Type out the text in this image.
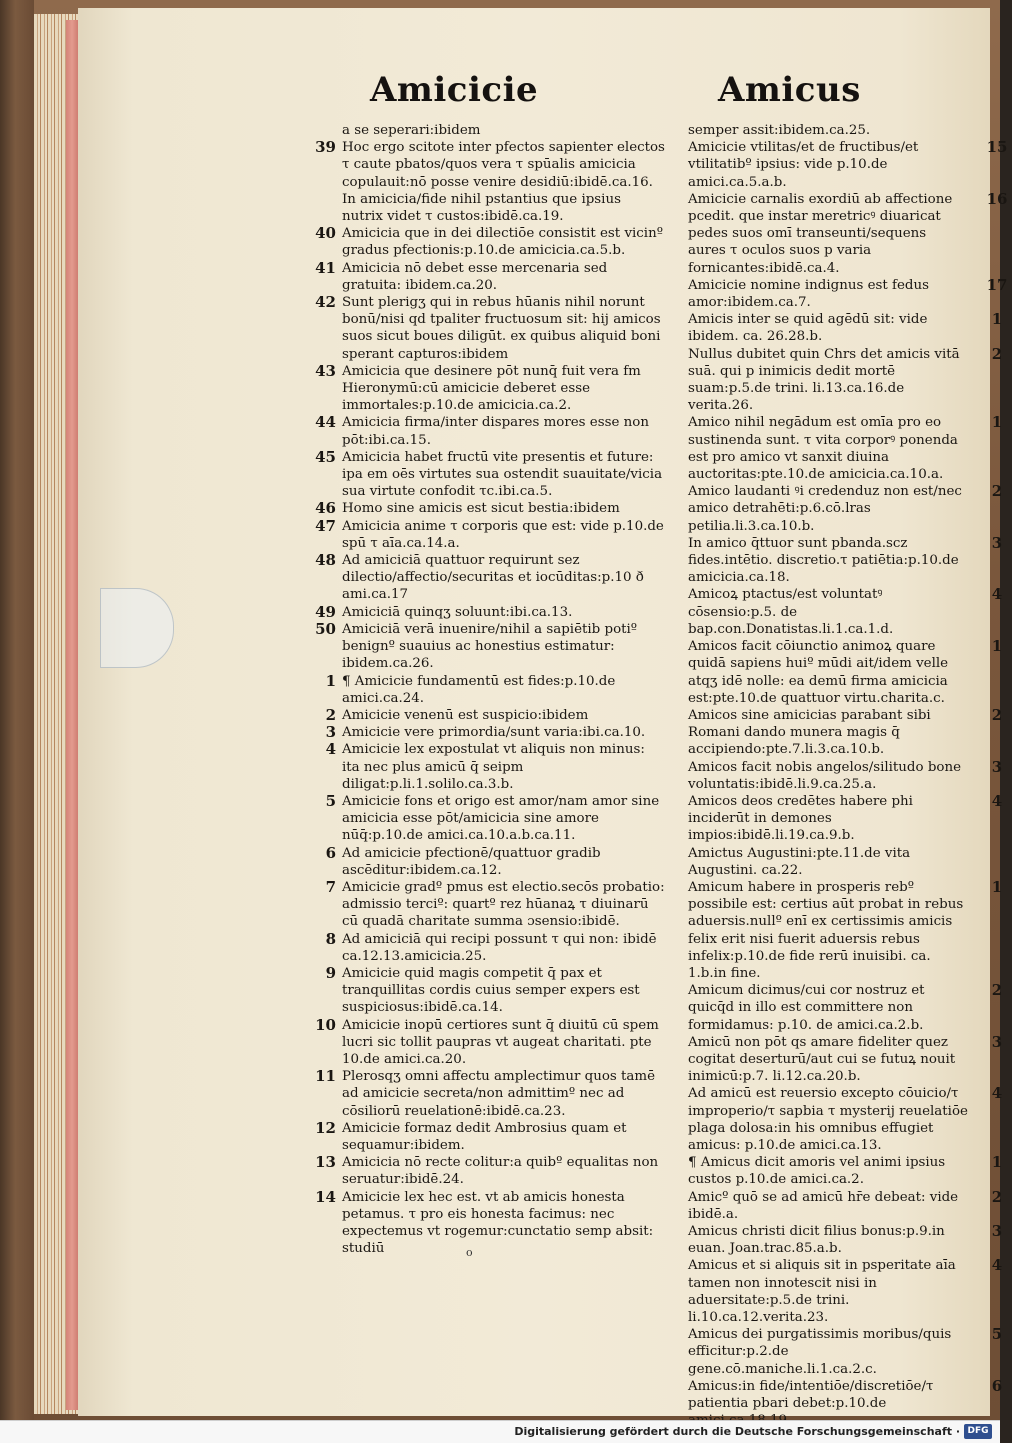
Amicicie	Amicus
a se seperari:ibidem
39 Hoc ergo scitote inter pfectos sapienter electos τ caute pbatos/quos vera τ spūalis amicicia copulauit:nō posse venire desidiū:ibidē.ca.16. In amicicia/fide nihil pstantius que ipsius nutrix videt τ custos:ibidē.ca.19.
40 Amicicia que in dei dilectiōe consistit est vicinº gradus pfectionis:p.10.de amicicia.ca.5.b.
41 Amicicia nō debet esse mercenaria sed gratuita: ibidem.ca.20.
42 Sunt plerigʒ qui in rebus hūanis nihil norunt bonū/nisi qd tpaliter fructuosum sit: hij amicos suos sicut boues diligūt. ex quibus aliquid boni sperant capturos:ibidem
43 Amicicia que desinere pōt nunq̄ fuit vera fm Hieronymū:cū amicicie deberet esse immortales:p.10.de amicicia.ca.2.
44 Amicicia firma/inter dispares mores esse non pōt:ibi.ca.15.
45 Amicicia habet fructū vite presentis et future: ipa em oēs virtutes sua ostendit suauitate/vicia sua virtute confodit τc.ibi.ca.5.
46 Homo sine amicis est sicut bestia:ibidem
47 Amicicia anime τ corporis que est: vide p.10.de spū τ aīa.ca.14.a.
48 Ad amiciciā quattuor requirunt sez dilectio/affectio/securitas et iocūditas:p.10 ð ami.ca.17
49 Amiciciā quinqʒ soluunt:ibi.ca.13.
50 Amiciciā verā inuenire/nihil a sapiētib potiº benignº suauius ac honestius estimatur: ibidem.ca.26.
1 ¶ Amicicie fundamentū est fides:p.10.de amici.ca.24.
2 Amicicie venenū est suspicio:ibidem
3 Amicicie vere primordia/sunt varia:ibi.ca.10.
4 Amicicie lex expostulat vt aliquis non minus: ita nec plus amicū q̄ seipm diligat:p.li.1.solilo.ca.3.b.
5 Amicicie fons et origo est amor/nam amor sine amicicia esse pōt/amicicia sine amore nūq̄:p.10.de amici.ca.10.a.b.ca.11.
6 Ad amicicie pfectionē/quattuor gradib ascēditur:ibidem.ca.12.
7 Amicicie gradº pmus est electio.secōs probatio: admissio terciº: quartº rez hūanaꝝ τ diuinarū cū quadā charitate summa ɔsensio:ibidē.
8 Ad amiciciā qui recipi possunt τ qui non: ibidē ca.12.13.amicicia.25.
9 Amicicie quid magis competit q̄ pax et tranquillitas cordis cuius semper expers est suspiciosus:ibidē.ca.14.
10 Amicicie inopū certiores sunt q̄ diuitū cū spem lucri sic tollit paupras vt augeat charitati. pte 10.de amici.ca.20.
11 Plerosqʒ omni affectu amplectimur quos tamē ad amicicie secreta/non admittimº nec ad cōsiliorū reuelationē:ibidē.ca.23.
12 Amicicie formaz dedit Ambrosius quam et sequamur:ibidem.
13 Amicicia nō recte colitur:a quibº equalitas non seruatur:ibidē.24.
14 Amicicie lex hec est. vt ab amicis honesta petamus. τ pro eis honesta facimus: nec expectemus vt rogemur:cunctatio semp absit: studiū
semper assit:ibidem.ca.25.
15
Amicicie vtilitas/et de fructibus/et vtilitatibº ipsius: vide p.10.de amici.ca.5.a.b.
16
Amicicie carnalis exordiū ab affectione pcedit. que instar meretricꝰ diuaricat pedes suos omī transeunti/sequens aures τ oculos suos p varia fornicantes:ibidē.ca.4.
17
Amicicie nomine indignus est fedus amor:ibidem.ca.7.
1
Amicis inter se quid agēdū sit: vide ibidem. ca. 26.28.b.
2
Nullus dubitet quin Chrs det amicis vitā suā. qui p inimicis dedit mortē suam:p.5.de trini. li.13.ca.16.de verita.26.
1
Amico nihil negādum est omīa pro eo sustinenda sunt. τ vita corporꝰ ponenda est pro amico vt sanxit diuina auctoritas:pte.10.de amicicia.ca.10.a.
2
Amico laudanti ꝰi credenduz non est/nec amico detrahēti:p.6.cō.lras petilia.li.3.ca.10.b.
3
In amico q̄ttuor sunt pbanda.scz fides.intētio. discretio.τ patiētia:p.10.de amicicia.ca.18.
4
Amicoꝝ ptactus/est voluntatꝰ cōsensio:p.5. de bap.con.Donatistas.li.1.ca.1.d.
1
Amicos facit cōiunctio animoꝝ quare quidā sapiens huiº mūdi ait/idem velle atqʒ idē nolle: ea demū firma amicicia est:pte.10.de quattuor virtu.charita.c.
2
Amicos sine amicicias parabant sibi Romani dando munera magis q̄ accipiendo:pte.7.li.3.ca.10.b.
3
Amicos facit nobis angelos/silitudo bone voluntatis:ibidē.li.9.ca.25.a.
4
Amicos deos credētes habere phi inciderūt in demones impios:ibidē.li.19.ca.9.b.
Amictus Augustini:pte.11.de vita Augustini. ca.22.
1
Amicum habere in prosperis rebº possibile est: certius aūt probat in rebus aduersis.nullº enī ex certissimis amicis felix erit nisi fuerit aduersis rebus infelix:p.10.de fide rerū inuisibi. ca. 1.b.in fine.
2
Amicum dicimus/cui cor nostruz et quicq̄d in illo est committere non formidamus: p.10. de amici.ca.2.b.
3
Amicū non pōt qs amare fideliter quez cogitat deserturū/aut cui se futuꝝ nouit inimicū:p.7. li.12.ca.20.b.
4
Ad amicū est reuersio excepto cōuicio/τ improperio/τ sapbia τ mysterij reuelatiōe plaga dolosa:in his omnibus effugiet amicus: p.10.de amici.ca.13.
1
¶ Amicus dicit amoris vel animi ipsius custos p.10.de amici.ca.2.
2
Amicº quō se ad amicū hr̄e debeat: vide ibidē.a.
3
Amicus christi dicit filius bonus:p.9.in euan. Joan.trac.85.a.b.
4
Amicus et si aliquis sit in psperitate aīa tamen non innotescit nisi in aduersitate:p.5.de trini. li.10.ca.12.verita.23.
5
Amicus dei purgatissimis moribus/quis efficitur:p.2.de gene.cō.maniche.li.1.ca.2.c.
6
Amicus:in fide/intentiōe/discretiōe/τ patientia pbari debet:p.10.de
o
Digitalisierung gefördert durch die Deutsche Forschungsgemeinschaft · DFG
